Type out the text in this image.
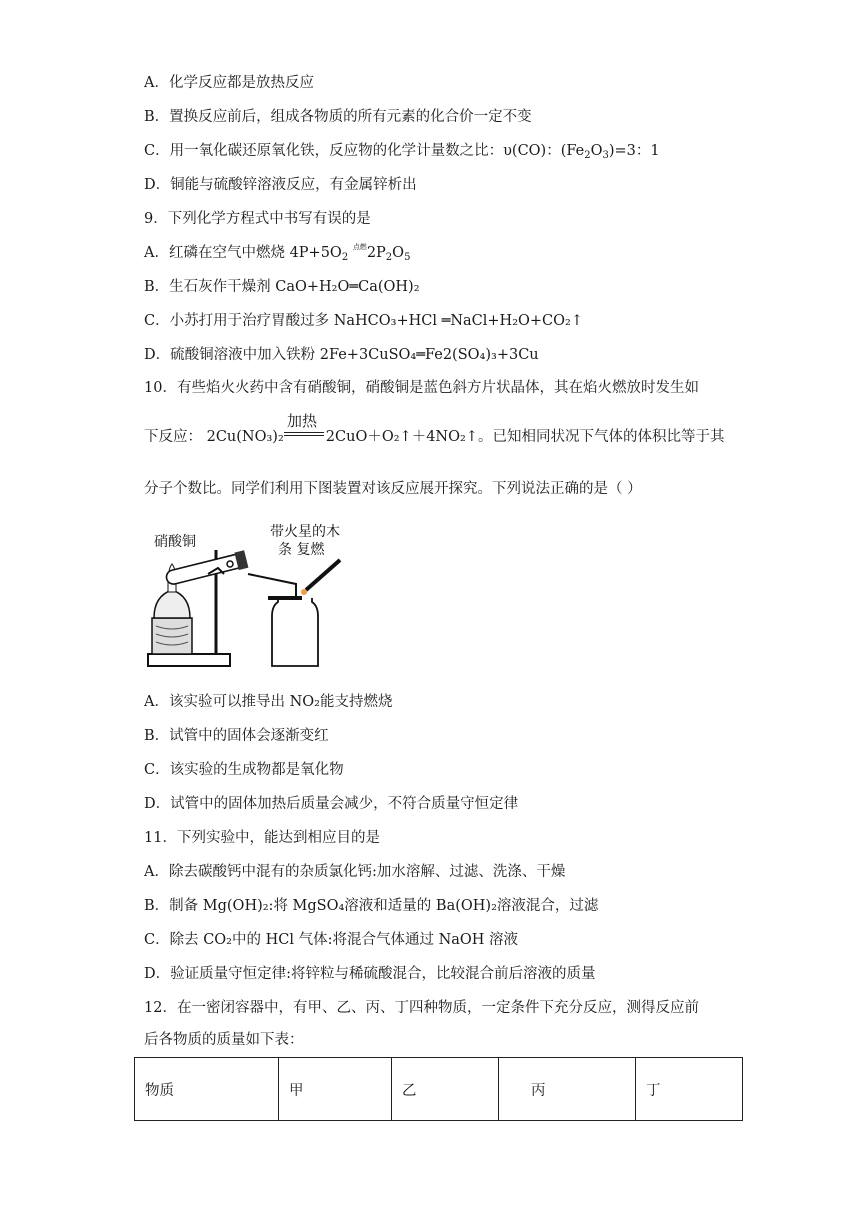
A．化学反应都是放热反应
B．置换反应前后，组成各物质的所有元素的化合价一定不变
C．用一氧化碳还原氧化铁，反应物的化学计量数之比：υ(CO)：$(Fe_2O_3)=3$：1
D．铜能与硫酸锌溶液反应，有金属锌析出
9．下列化学方程式中书写有误的是
A．红磷在空气中燃烧 $4P+5O_2$ $^{点燃}2P_2O_5$
B．生石灰作干燥剂 CaO+H₂O═Ca(OH)₂
C．小苏打用于治疗胃酸过多 NaHCO₃+HCl ═NaCl+H₂O+CO₂↑
D．硫酸铜溶液中加入铁粉 2Fe+3CuSO₄═Fe2(SO₄)₃+3Cu
10．有些焰火火药中含有硝酸铜，硝酸铜是蓝色斜方片状晶体，其在焰火燃放时发生如
加热
下反应： 2Cu(NO₃)₂	2CuO＋O₂↑＋4NO₂↑。已知相同状况下气体的体积比等于其
分子个数比。同学们利用下图装置对该反应展开探究。下列说法正确的是（ ）
硝酸铜
带火星的木
条 复燃
A．该实验可以推导出 NO₂能支持燃烧
B．试管中的固体会逐渐变红
C．该实验的生成物都是氧化物
D．试管中的固体加热后质量会减少，不符合质量守恒定律
11．下列实验中，能达到相应目的是
A．除去碳酸钙中混有的杂质氯化钙:加水溶解、过滤、洗涤、干燥
B．制备 Mg(OH)₂:将 MgSO₄溶液和适量的 Ba(OH)₂溶液混合，过滤
C．除去 CO₂中的 HCl 气体:将混合气体通过 NaOH 溶液
D．验证质量守恒定律:将锌粒与稀硫酸混合，比较混合前后溶液的质量
12．在一密闭容器中，有甲、乙、丙、丁四种物质，一定条件下充分反应，测得反应前
后各物质的质量如下表：
物质	甲	乙	丙	丁
